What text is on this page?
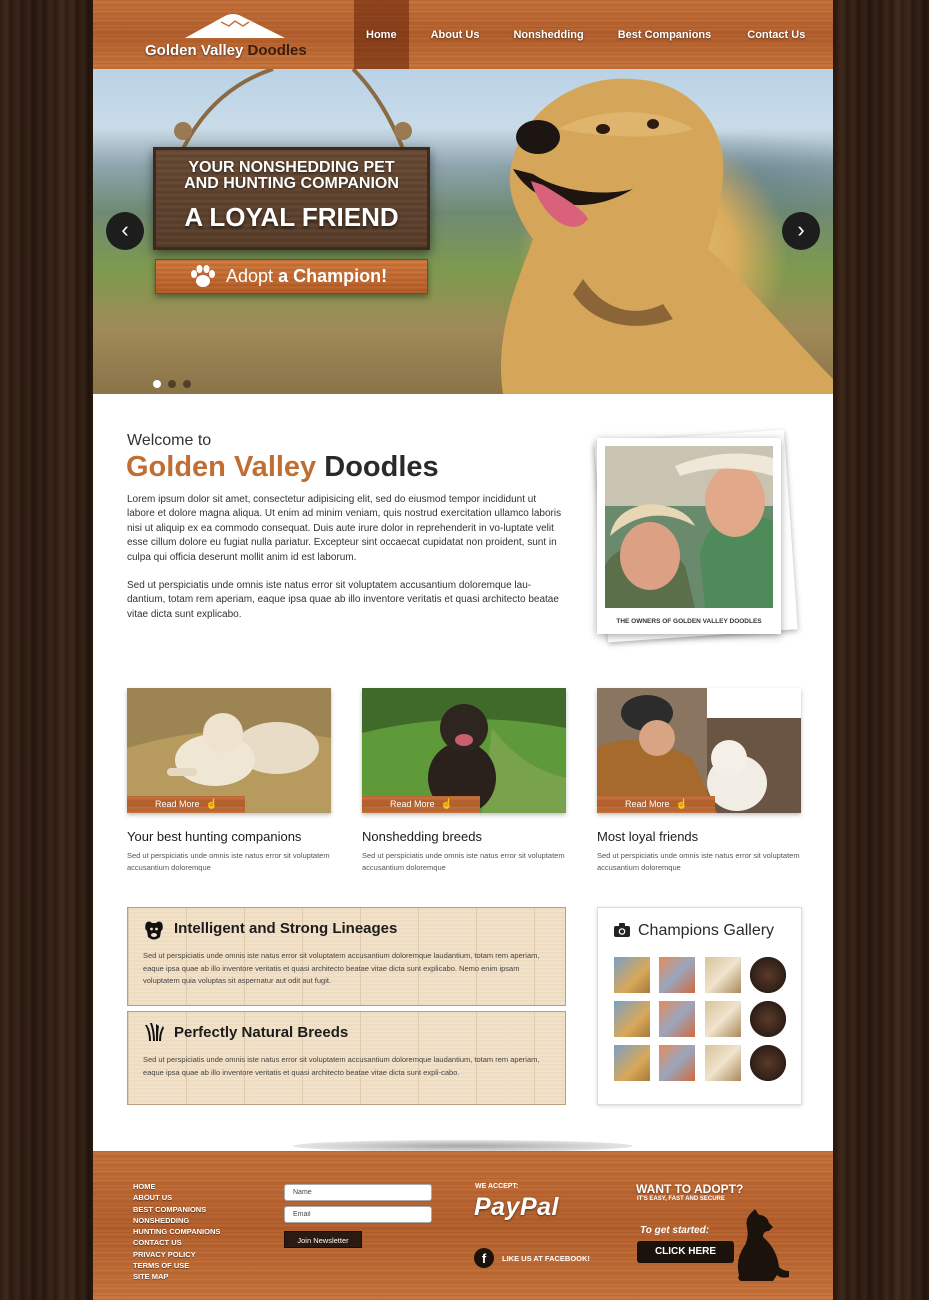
Golden Valley Doodles
Home	About Us	Nonshedding	Best Companions	Contact Us
YOUR NONSHEDDING PET
AND HUNTING COMPANION
A LOYAL FRIEND
Adopt a Champion!
‹	›
Welcome to
Golden Valley Doodles
Lorem ipsum dolor sit amet, consectetur adipisicing elit, sed do eiusmod tempor incididunt ut labore et dolore magna aliqua. Ut enim ad minim veniam, quis nostrud exercitation ullamco laboris nisi ut aliquip ex ea commodo consequat. Duis aute irure dolor in reprehenderit in vo-luptate velit esse cillum dolore eu fugiat nulla pariatur. Excepteur sint occaecat cupidatat non proident, sunt in culpa qui officia deserunt mollit anim id est laborum.
Sed ut perspiciatis unde omnis iste natus error sit voluptatem accusantium doloremque lau-dantium, totam rem aperiam, eaque ipsa quae ab illo inventore veritatis et quasi architecto beatae vitae dicta sunt explicabo.
THE OWNERS OF GOLDEN VALLEY DOODLES
Read More ☝
Your best hunting companions

Sed ut perspiciatis unde omnis iste natus error sit voluptatem accusantium doloremque

Read More ☝
Nonshedding breeds

Sed ut perspiciatis unde omnis iste natus error sit voluptatem accusantium doloremque

Read More ☝
Most loyal friends

Sed ut perspiciatis unde omnis iste natus error sit voluptatem accusantium doloremque

Intelligent and Strong Lineages

Sed ut perspiciatis unde omnis iste natus error sit voluptatem accusantium doloremque laudantium, totam rem aperiam, eaque ipsa quae ab illo inventore veritatis et quasi architecto beatae vitae dicta sunt explicabo. Nemo enim ipsam voluptatem quia voluptas sit aspernatur aut odit aut fugit.

Perfectly Natural Breeds

Sed ut perspiciatis unde omnis iste natus error sit voluptatem accusantium doloremque laudantium, totam rem aperiam, eaque ipsa quae ab illo inventore veritatis et quasi architecto beatae vitae dicta sunt expli-cabo.

Champions Gallery
HOME
ABOUT US
BEST COMPANIONS
NONSHEDDING
HUNTING COMPANIONS
CONTACT US
PRIVACY POLICY
TERMS OF USE
SITE MAP
Name
Email
Join Newsletter
WE ACCEPT:
PayPal
f	LIKE US AT FACEBOOK!
WANT TO ADOPT?
IT'S EASY, FAST AND SECURE
To get started:
CLICK HERE
